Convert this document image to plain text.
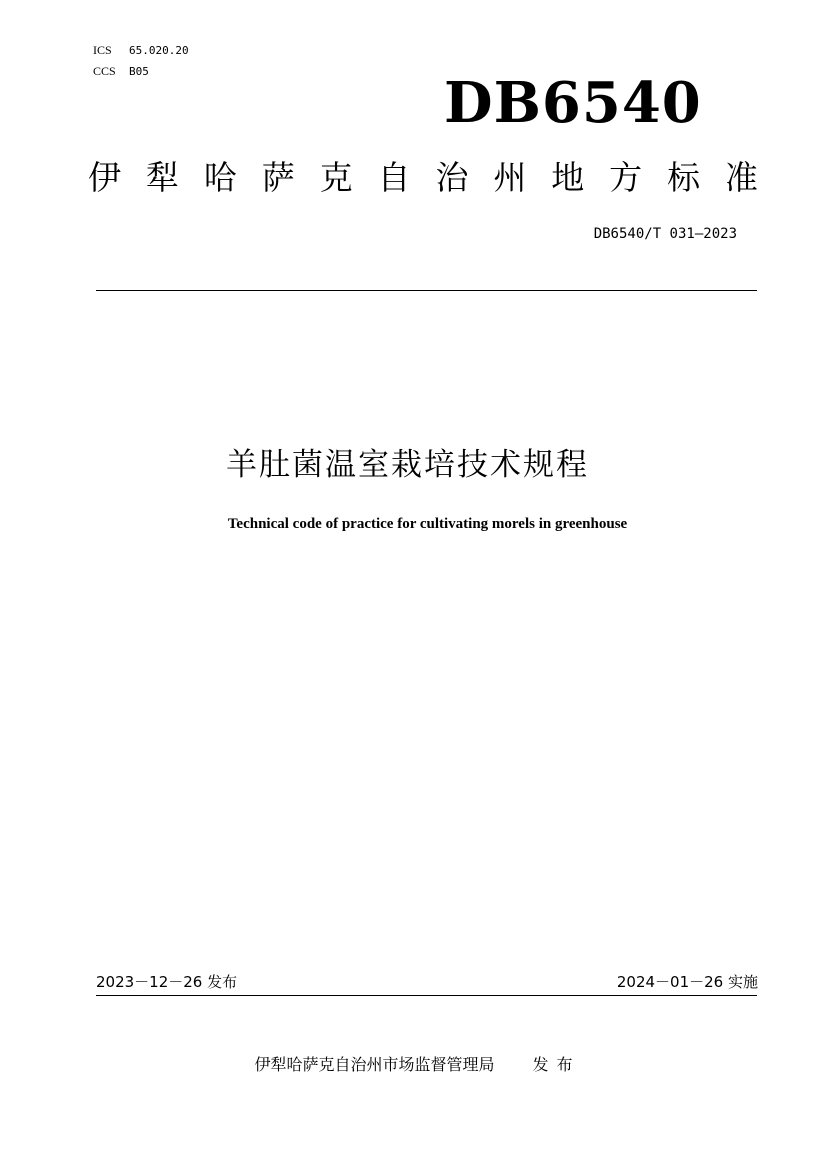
ICS 65.020.20
CCS B05	DB6540
伊 犁 哈 萨 克 自 治 州 地 方 标 准
DB6540/T 031—2023
羊肚菌温室栽培技术规程
Technical code of practice for cultivating morels in greenhouse
2023－12－26 发布	2024－01－26 实施
伊犁哈萨克自治州市场监督管理局 发布
